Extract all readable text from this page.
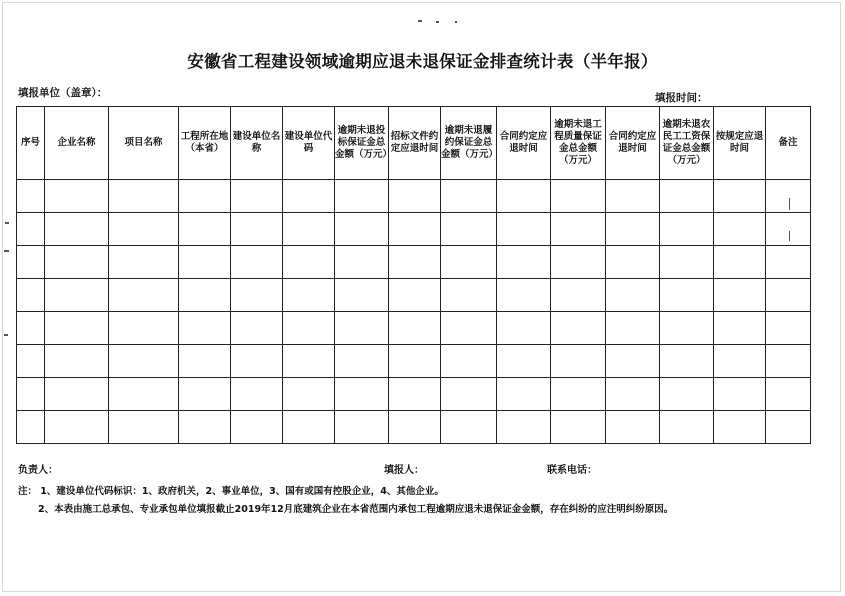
安徽省工程建设领域逾期应退未退保证金排查统计表（半年报）
填报单位（盖章）：	填报时间：
序号	企业名称	项目名称	工程所在地（本省）	建设单位名称	建设单位代码	逾期未退投标保证金总金额（万元）	招标文件约定应退时间	逾期未退履约保证金总金额（万元）	合同约定应退时间	逾期未退工程质量保证金总金额（万元）	合同约定应退时间	逾期未退农民工工资保证金总金额（万元）	按规定应退时间	备注

负责人：	填报人：	联系电话：
注： 1、建设单位代码标识：1、政府机关，2、事业单位，3、国有或国有控股企业，4、其他企业。
2、本表由施工总承包、专业承包单位填报截止2019年12月底建筑企业在本省范围内承包工程逾期应退未退保证金金额，存在纠纷的应注明纠纷原因。
